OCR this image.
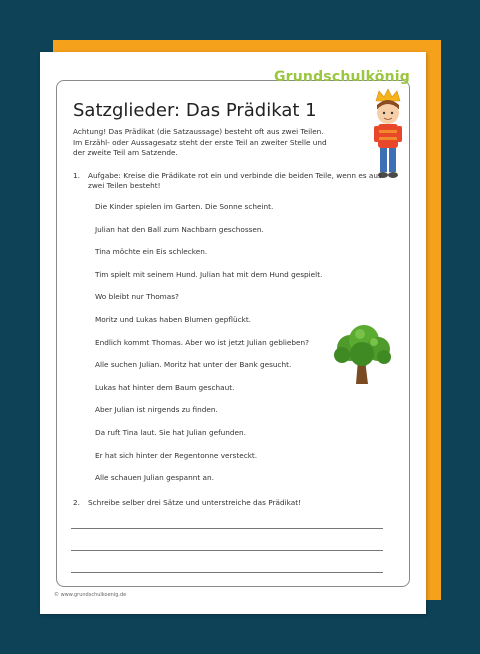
Grundschulkönig
Satzglieder: Das Prädikat 1
Achtung! Das Prädikat (die Satzaussage) besteht oft aus zwei Teilen.
Im Erzähl- oder Aussagesatz steht der erste Teil an zweiter Stelle und
der zweite Teil am Satzende.
1. Aufgabe: Kreise die Prädikate rot ein und verbinde die beiden Teile, wenn es aus zwei Teilen besteht!
Die Kinder spielen im Garten. Die Sonne scheint.
Julian hat den Ball zum Nachbarn geschossen.
Tina möchte ein Eis schlecken.
Tim spielt mit seinem Hund. Julian hat mit dem Hund gespielt.
Wo bleibt nur Thomas?
Moritz und Lukas haben Blumen gepflückt.
Endlich kommt Thomas. Aber wo ist jetzt Julian geblieben?
Alle suchen Julian. Moritz hat unter der Bank gesucht.
Lukas hat hinter dem Baum geschaut.
Aber Julian ist nirgends zu finden.
Da ruft Tina laut. Sie hat Julian gefunden.
Er hat sich hinter der Regentonne versteckt.
Alle schauen Julian gespannt an.
2. Schreibe selber drei Sätze und unterstreiche das Prädikat!
© www.grundschulkoenig.de
